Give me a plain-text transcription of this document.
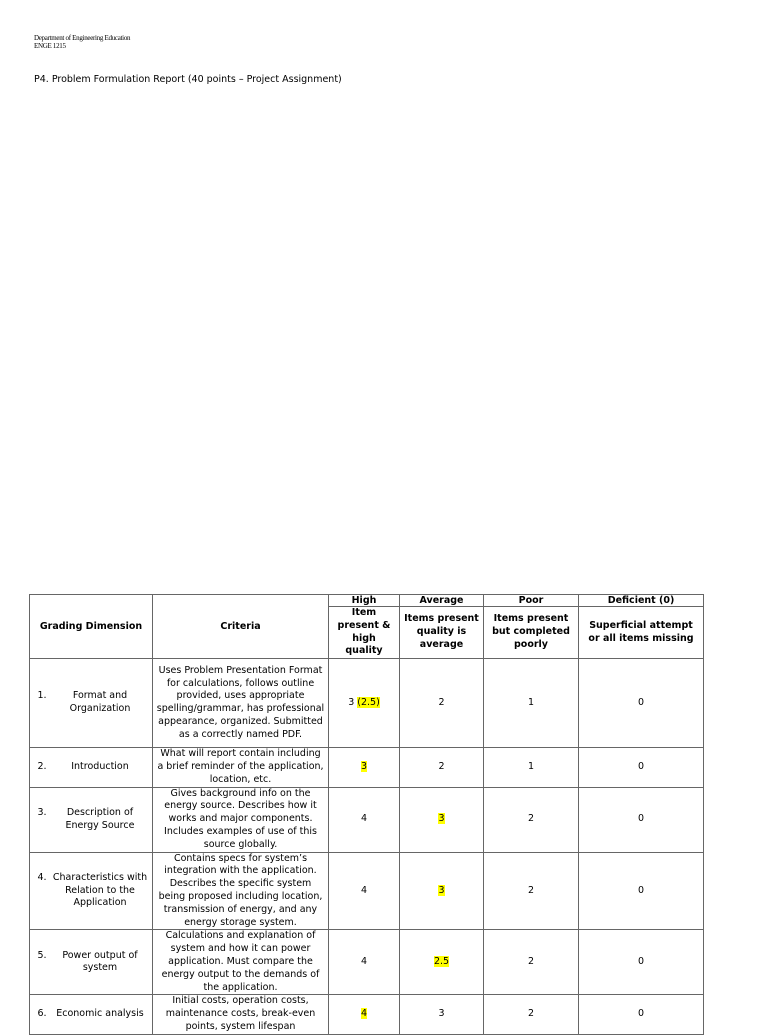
Department of Engineering Education
ENGE 1215
P4. Problem Formulation Report (40 points – Project Assignment)
Grading Dimension	Criteria	High	Average	Poor	Deficient (0)
		Item present & high quality	Items present quality is average	Items present but completed poorly	Superficial attempt or all items missing

1. Format and Organization	Uses Problem Presentation Format for calculations, follows outline provided, uses appropriate spelling/grammar, has professional appearance, organized. Submitted as a correctly named PDF.	3 (2.5)	2	1	0

2. Introduction	What will report contain including a brief reminder of the application, location, etc.	3	2	1	0

3. Description of Energy Source	Gives background info on the energy source. Describes how it works and major components. Includes examples of use of this source globally.	4	3	2	0

4. Characteristics with Relation to the Application	Contains specs for system’s integration with the application. Describes the specific system being proposed including location, transmission of energy, and any energy storage system.	4	3	2	0

5. Power output of system	Calculations and explanation of system and how it can power application. Must compare the energy output to the demands of the application.	4	2.5	2	0

6. Economic analysis	Initial costs, operation costs, maintenance costs, break-even points, system lifespan	4	3	2	0
